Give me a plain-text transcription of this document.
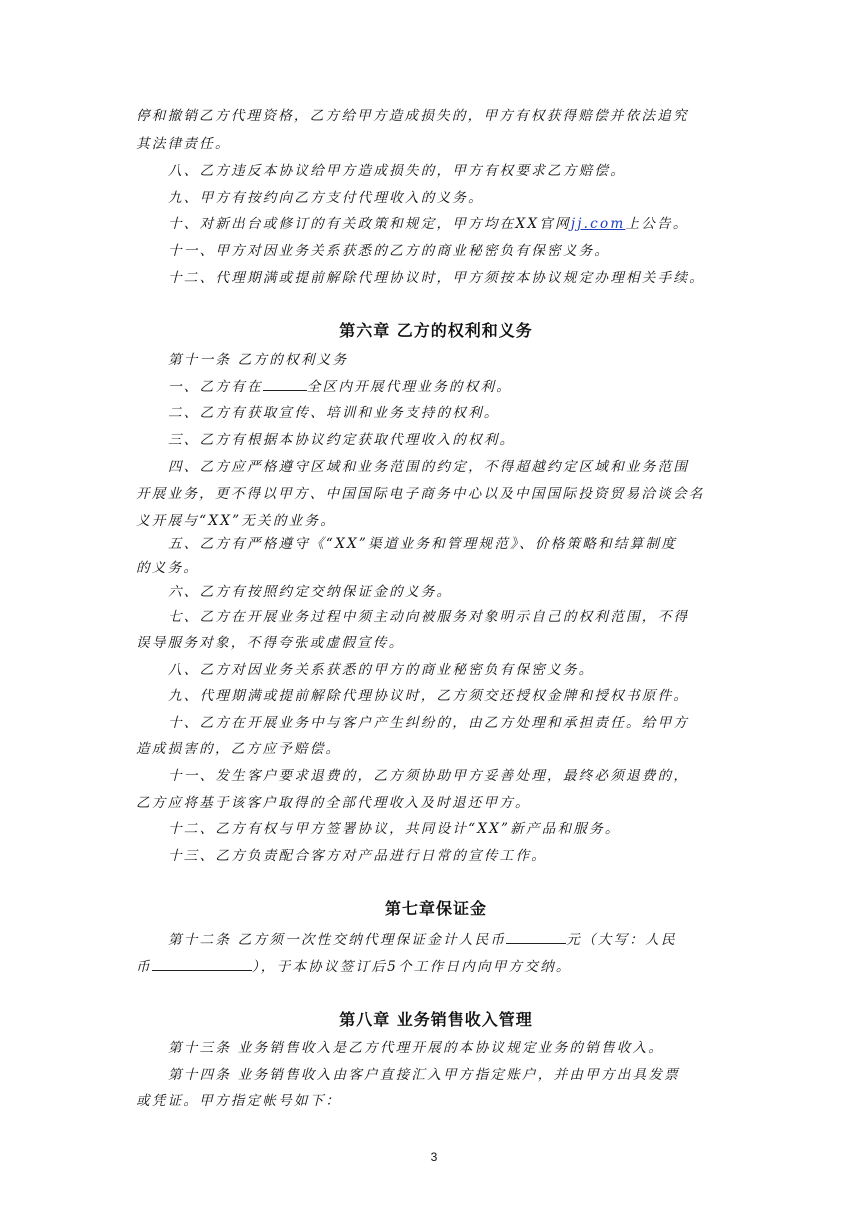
停和撤销乙方代理资格，乙方给甲方造成损失的，甲方有权获得赔偿并依法追究
其法律责任。
八、乙方违反本协议给甲方造成损失的，甲方有权要求乙方赔偿。
九、甲方有按约向乙方支付代理收入的义务。
十、对新出台或修订的有关政策和规定，甲方均在XX官网jj.com上公告。
十一、甲方对因业务关系获悉的乙方的商业秘密负有保密义务。
十二、代理期满或提前解除代理协议时，甲方须按本协议规定办理相关手续。
第六章 乙方的权利和义务
第十一条 乙方的权利义务
一、乙方有在	全区内开展代理业务的权利。
二、乙方有获取宣传、培训和业务支持的权利。
三、乙方有根据本协议约定获取代理收入的权利。
四、乙方应严格遵守区域和业务范围的约定，不得超越约定区域和业务范围
开展业务，更不得以甲方、中国国际电子商务中心以及中国国际投资贸易洽谈会名
义开展与“XX”无关的业务。
五、乙方有严格遵守《“XX”渠道业务和管理规范》、价格策略和结算制度
的义务。
六、乙方有按照约定交纳保证金的义务。
七、乙方在开展业务过程中须主动向被服务对象明示自己的权利范围，不得
误导服务对象，不得夸张或虚假宣传。
八、乙方对因业务关系获悉的甲方的商业秘密负有保密义务。
九、代理期满或提前解除代理协议时，乙方须交还授权金牌和授权书原件。
十、乙方在开展业务中与客户产生纠纷的，由乙方处理和承担责任。给甲方
造成损害的，乙方应予赔偿。
十一、发生客户要求退费的，乙方须协助甲方妥善处理，最终必须退费的，
乙方应将基于该客户取得的全部代理收入及时退还甲方。
十二、乙方有权与甲方签署协议，共同设计“XX”新产品和服务。
十三、乙方负责配合客方对产品进行日常的宣传工作。
第七章保证金
第十二条 乙方须一次性交纳代理保证金计人民币	元（大写：人民
币	），于本协议签订后5个工作日内向甲方交纳。
第八章 业务销售收入管理
第十三条 业务销售收入是乙方代理开展的本协议规定业务的销售收入。
第十四条 业务销售收入由客户直接汇入甲方指定账户，并由甲方出具发票
或凭证。甲方指定帐号如下：
3
